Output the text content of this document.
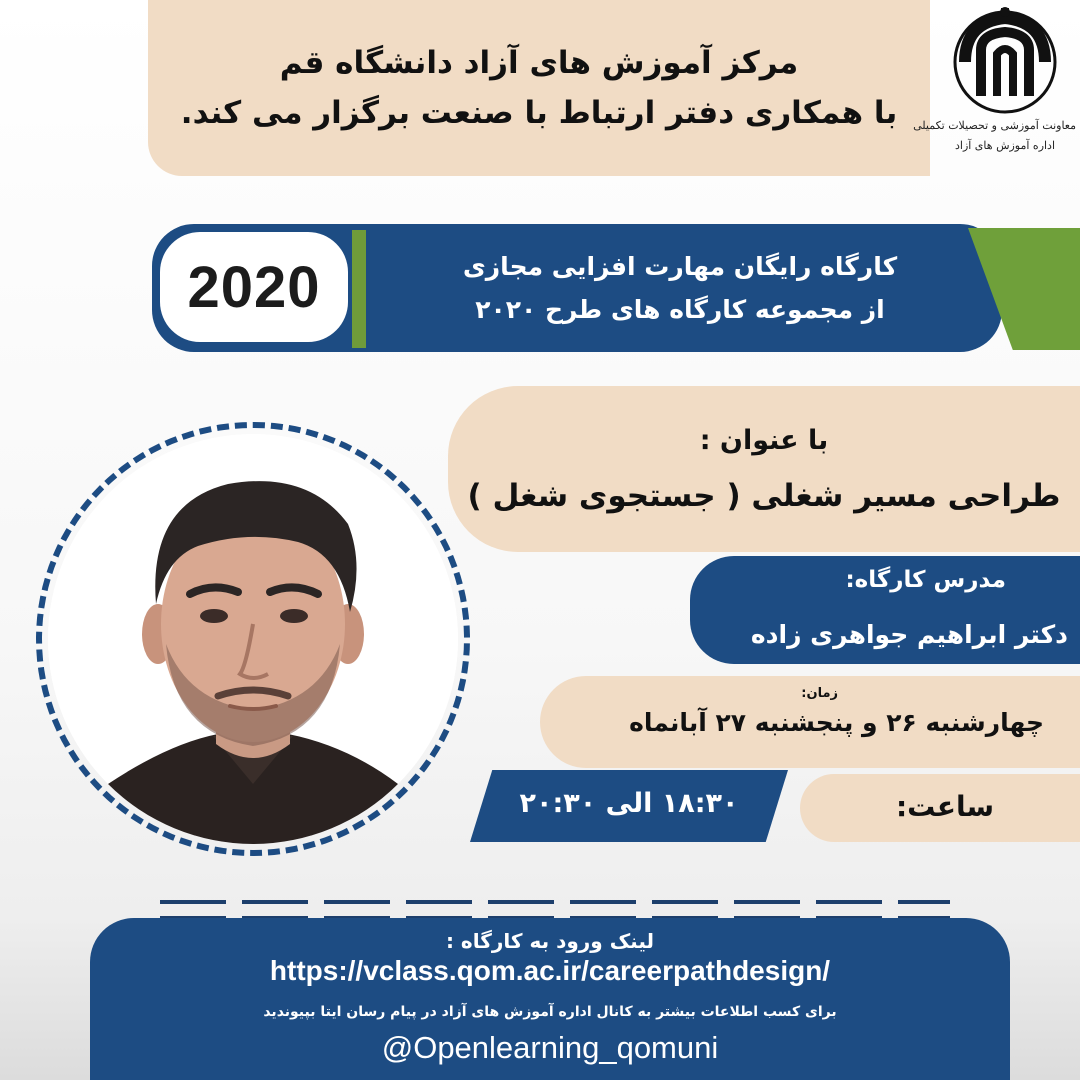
مرکز آموزش های آزاد دانشگاه قم
با همکاری دفتر ارتباط با صنعت برگزار می کند. معاونت آموزشی و تحصیلات تکمیلی
اداره آموزش های آزاد
2020	کارگاه رایگان مهارت افزایی مجازی
از مجموعه کارگاه های طرح ۲۰۲۰
با عنوان :
طراحی مسیر شغلی ( جستجوی شغل )
مدرس کارگاه:
دکتر ابراهیم جواهری زاده
زمان:
چهارشنبه ۲۶ و پنجشنبه ۲۷ آبانماه
۱۸:۳۰ الی ۲۰:۳۰	ساعت:
لینک ورود به کارگاه :
https://vclass.qom.ac.ir/careerpathdesign/
برای کسب اطلاعات بیشتر به کانال اداره آموزش های آزاد در پیام رسان ایتا بپیوندید
@Openlearning_qomuni
